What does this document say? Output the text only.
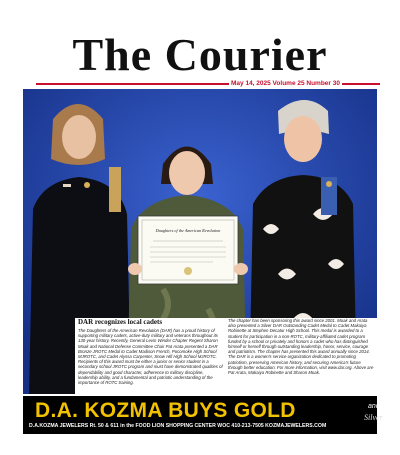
The Courier
May 14, 2025 Volume 25 Number 30
Daughters of the American Revolution
DAR recognizes local cadets
The Daughters of the American Revolution (DAR) has a proud history of supporting military cadets, active-duty military and veterans throughout its 130-year history. Recently, General Levin Winder Chapter Regent Sharon Moak and National Defense Committee Chair Pat Arata presented a DAR Bronze JROTC Medal to Cadet Madison French, Pocomoke High School MJROTC, and Cadet Alyssa Carpenter, Snow Hill High School MJROTC. Recipients of this award must be either a junior or senior student in a secondary school JROTC program and must have demonstrated qualities of dependability and good character, adherence to military discipline, leadership ability, and a fundamental and patriotic understanding of the importance of ROTC training.
The chapter has been sponsoring this award since 2001. Moak and Arata also presented a Silver DAR Outstanding Cadet Medal to Cadet Makaiya Robinette at Stephen Decatur High School. This medal is awarded to a student for participation in a non-ROTC, military-affiliated cadet program funded by a school or privately and honors a cadet who has distinguished himself or herself through outstanding leadership, honor, service, courage and patriotism. The chapter has presented this award annually since 2014. The DAR is a women's service organization dedicated to promoting patriotism, preserving American history, and securing America's future through better education. For more information, visit www.dar.org. Above are Pat Arata, Makaiya Robinette and Sharon Moak.
D.A. KOZMA BUYS GOLD	and
Silver
D.A.KOZMA JEWELERS Rt. 50 & 611 in the FOOD LION SHOPPING CENTER WOC 410-213-7505 KOZMAJEWELERS.COM
